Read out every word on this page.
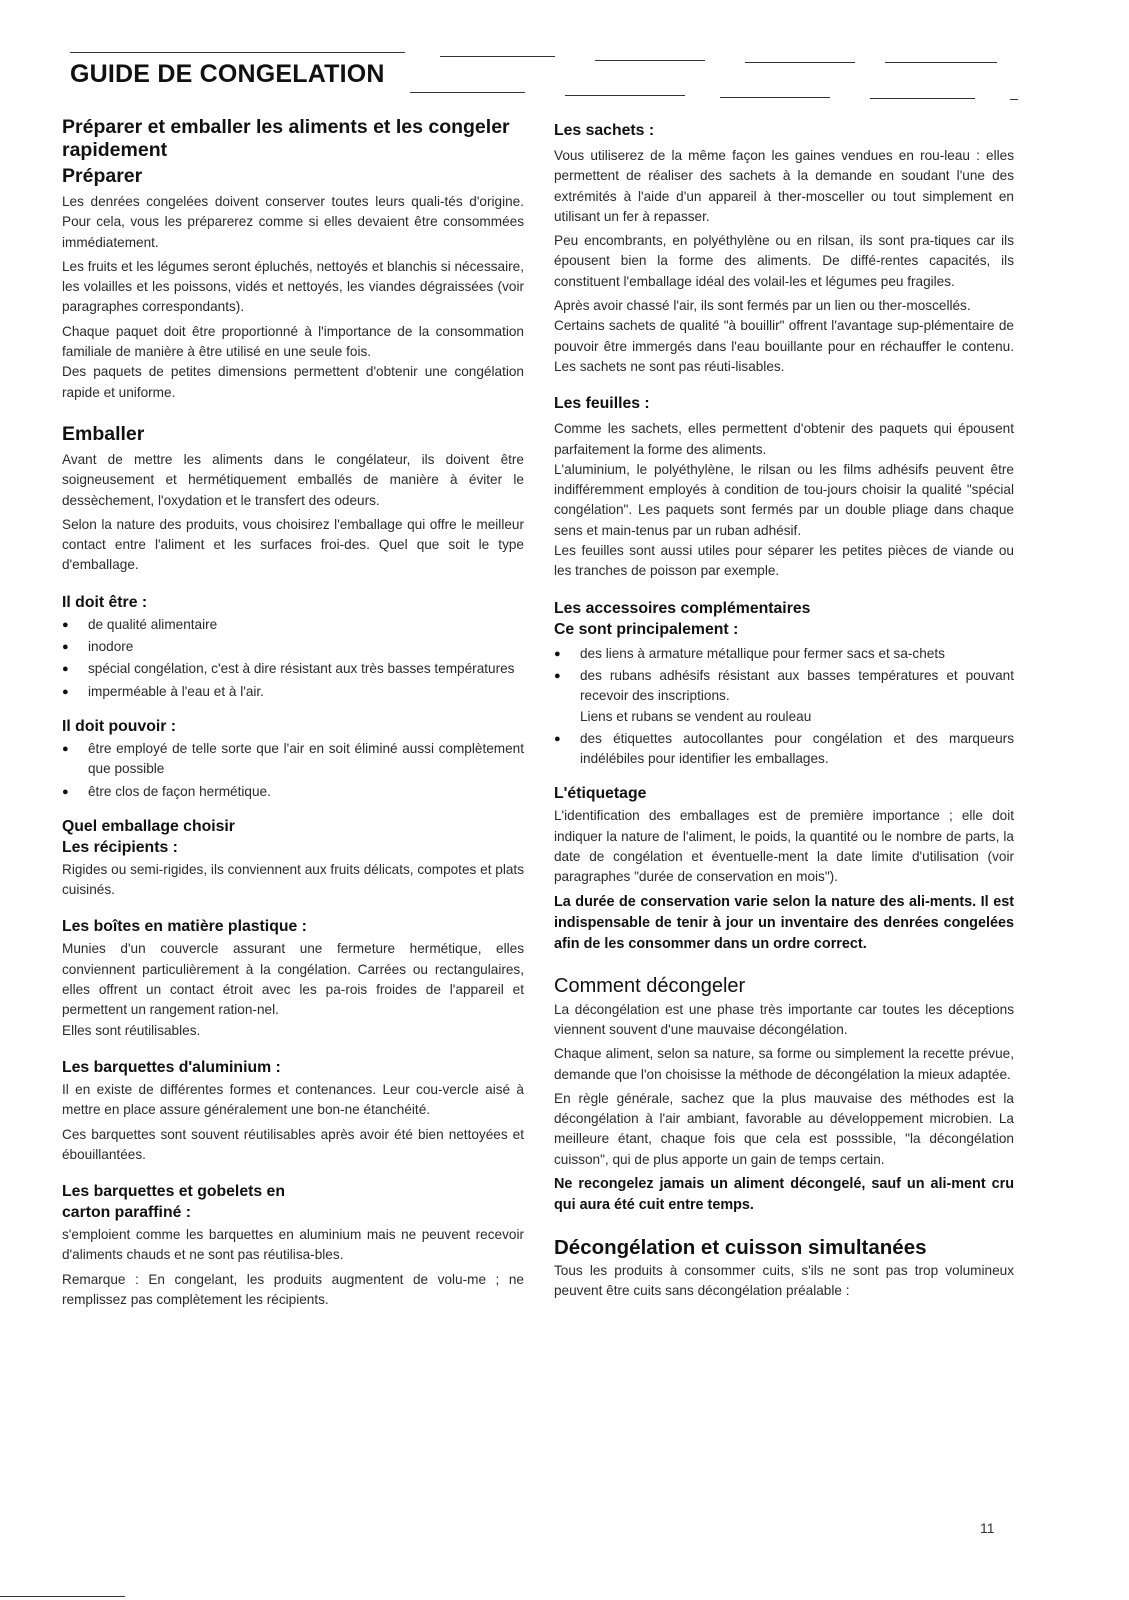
GUIDE DE CONGELATION
Préparer et emballer les aliments et les congeler rapidement
Préparer

Les denrées congelées doivent conserver toutes leurs quali-tés d'origine. Pour cela, vous les préparerez comme si elles devaient être consommées immédiatement.

Les fruits et les légumes seront épluchés, nettoyés et blanchis si nécessaire, les volailles et les poissons, vidés et nettoyés, les viandes dégraissées (voir paragraphes correspondants).

Chaque paquet doit être proportionné à l'importance de la consommation familiale de manière à être utilisé en une seule fois.

Des paquets de petites dimensions permettent d'obtenir une congélation rapide et uniforme.

Emballer

Avant de mettre les aliments dans le congélateur, ils doivent être soigneusement et hermétiquement emballés de manière à éviter le dessèchement, l'oxydation et le transfert des odeurs.

Selon la nature des produits, vous choisirez l'emballage qui offre le meilleur contact entre l'aliment et les surfaces froi-des. Quel que soit le type d'emballage.

Il doit être :
● de qualité alimentaire
● inodore
● spécial congélation, c'est à dire résistant aux très basses températures
● imperméable à l'eau et à l'air.
Il doit pouvoir :
● être employé de telle sorte que l'air en soit éliminé aussi complètement que possible
● être clos de façon hermétique.
Quel emballage choisir
Les récipients :

Rigides ou semi-rigides, ils conviennent aux fruits délicats, compotes et plats cuisinés.

Les boîtes en matière plastique :

Munies d'un couvercle assurant une fermeture hermétique, elles conviennent particulièrement à la congélation. Carrées ou rectangulaires, elles offrent un contact étroit avec les pa-rois froides de l'appareil et permettent un rangement ration-nel.

Elles sont réutilisables.

Les barquettes d'aluminium :

Il en existe de différentes formes et contenances. Leur cou-vercle aisé à mettre en place assure généralement une bon-ne étanchéité.

Ces barquettes sont souvent réutilisables après avoir été bien nettoyées et ébouillantées.

Les barquettes et gobelets en
carton paraffiné :

s'emploient comme les barquettes en aluminium mais ne peuvent recevoir d'aliments chauds et ne sont pas réutilisa-bles.

Remarque : En congelant, les produits augmentent de volu-me ; ne remplissez pas complètement les récipients.

Les sachets :

Vous utiliserez de la même façon les gaines vendues en rou-leau : elles permettent de réaliser des sachets à la demande en soudant l'une des extrémités à l'aide d'un appareil à ther-mosceller ou tout simplement en utilisant un fer à repasser.

Peu encombrants, en polyéthylène ou en rilsan, ils sont pra-tiques car ils épousent bien la forme des aliments. De diffé-rentes capacités, ils constituent l'emballage idéal des volail-les et légumes peu fragiles.

Après avoir chassé l'air, ils sont fermés par un lien ou ther-moscellés.

Certains sachets de qualité "à bouillir" offrent l'avantage sup-plémentaire de pouvoir être immergés dans l'eau bouillante pour en réchauffer le contenu. Les sachets ne sont pas réuti-lisables.

Les feuilles :

Comme les sachets, elles permettent d'obtenir des paquets qui épousent parfaitement la forme des aliments.

L'aluminium, le polyéthylène, le rilsan ou les films adhésifs peuvent être indifféremment employés à condition de tou-jours choisir la qualité "spécial congélation". Les paquets sont fermés par un double pliage dans chaque sens et main-tenus par un ruban adhésif.

Les feuilles sont aussi utiles pour séparer les petites pièces de viande ou les tranches de poisson par exemple.

Les accessoires complémentaires
Ce sont principalement :
● des liens à armature métallique pour fermer sacs et sa-chets
● des rubans adhésifs résistant aux basses températures et pouvant recevoir des inscriptions.
Liens et rubans se vendent au rouleau
● des étiquettes autocollantes pour congélation et des marqueurs indélébiles pour identifier les emballages.
L'étiquetage

L'identification des emballages est de première importance ; elle doit indiquer la nature de l'aliment, le poids, la quantité ou le nombre de parts, la date de congélation et éventuelle-ment la date limite d'utilisation (voir paragraphes "durée de conservation en mois").

La durée de conservation varie selon la nature des ali-ments. Il est indispensable de tenir à jour un inventaire des denrées congelées afin de les consommer dans un ordre correct.

Comment décongeler

La décongélation est une phase très importante car toutes les déceptions viennent souvent d'une mauvaise décongélation.

Chaque aliment, selon sa nature, sa forme ou simplement la recette prévue, demande que l'on choisisse la méthode de décongélation la mieux adaptée.

En règle générale, sachez que la plus mauvaise des méthodes est la décongélation à l'air ambiant, favorable au développement microbien. La meilleure étant, chaque fois que cela est posssible, "la décongélation cuisson", qui de plus apporte un gain de temps certain.

Ne recongelez jamais un aliment décongelé, sauf un ali-ment cru qui aura été cuit entre temps.

Décongélation et cuisson simultanées

Tous les produits à consommer cuits, s'ils ne sont pas trop volumineux peuvent être cuits sans décongélation préalable :

11
